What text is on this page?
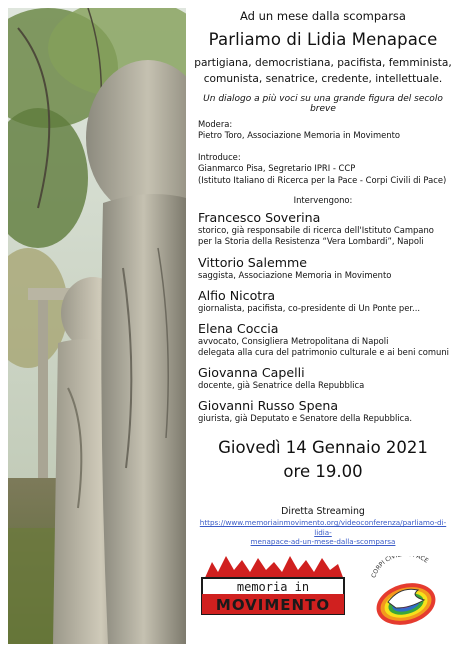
Ad un mese dalla scomparsa
Parliamo di Lidia Menapace
partigiana, democristiana, pacifista, femminista,
comunista, senatrice, credente, intellettuale.
Un dialogo a più voci su una grande figura del secolo breve
Modera:
Pietro Toro, Associazione Memoria in Movimento
Introduce:
Gianmarco Pisa, Segretario IPRI - CCP
(Istituto Italiano di Ricerca per la Pace - Corpi Civili di Pace)
Intervengono:
Francesco Soverina
storico, già responsabile di ricerca dell'Istituto Campano
per la Storia della Resistenza “Vera Lombardi”, Napoli
Vittorio Salemme
saggista, Associazione Memoria in Movimento
Alfio Nicotra
giornalista, pacifista, co-presidente di Un Ponte per...
Elena Coccia
avvocato, Consigliera Metropolitana di Napoli
delegata alla cura del patrimonio culturale e ai beni comuni
Giovanna Capelli
docente, già Senatrice della Repubblica
Giovanni Russo Spena
giurista, già Deputato e Senatore della Repubblica.
Giovedì 14 Gennaio 2021
ore 19.00
Diretta Streaming
https://www.memoriainmovimento.org/videoconferenza/parliamo-di-lidia-
menapace-ad-un-mese-dalla-scomparsa
memoria in
MOVIMENTO
CORPI CIV ACE
